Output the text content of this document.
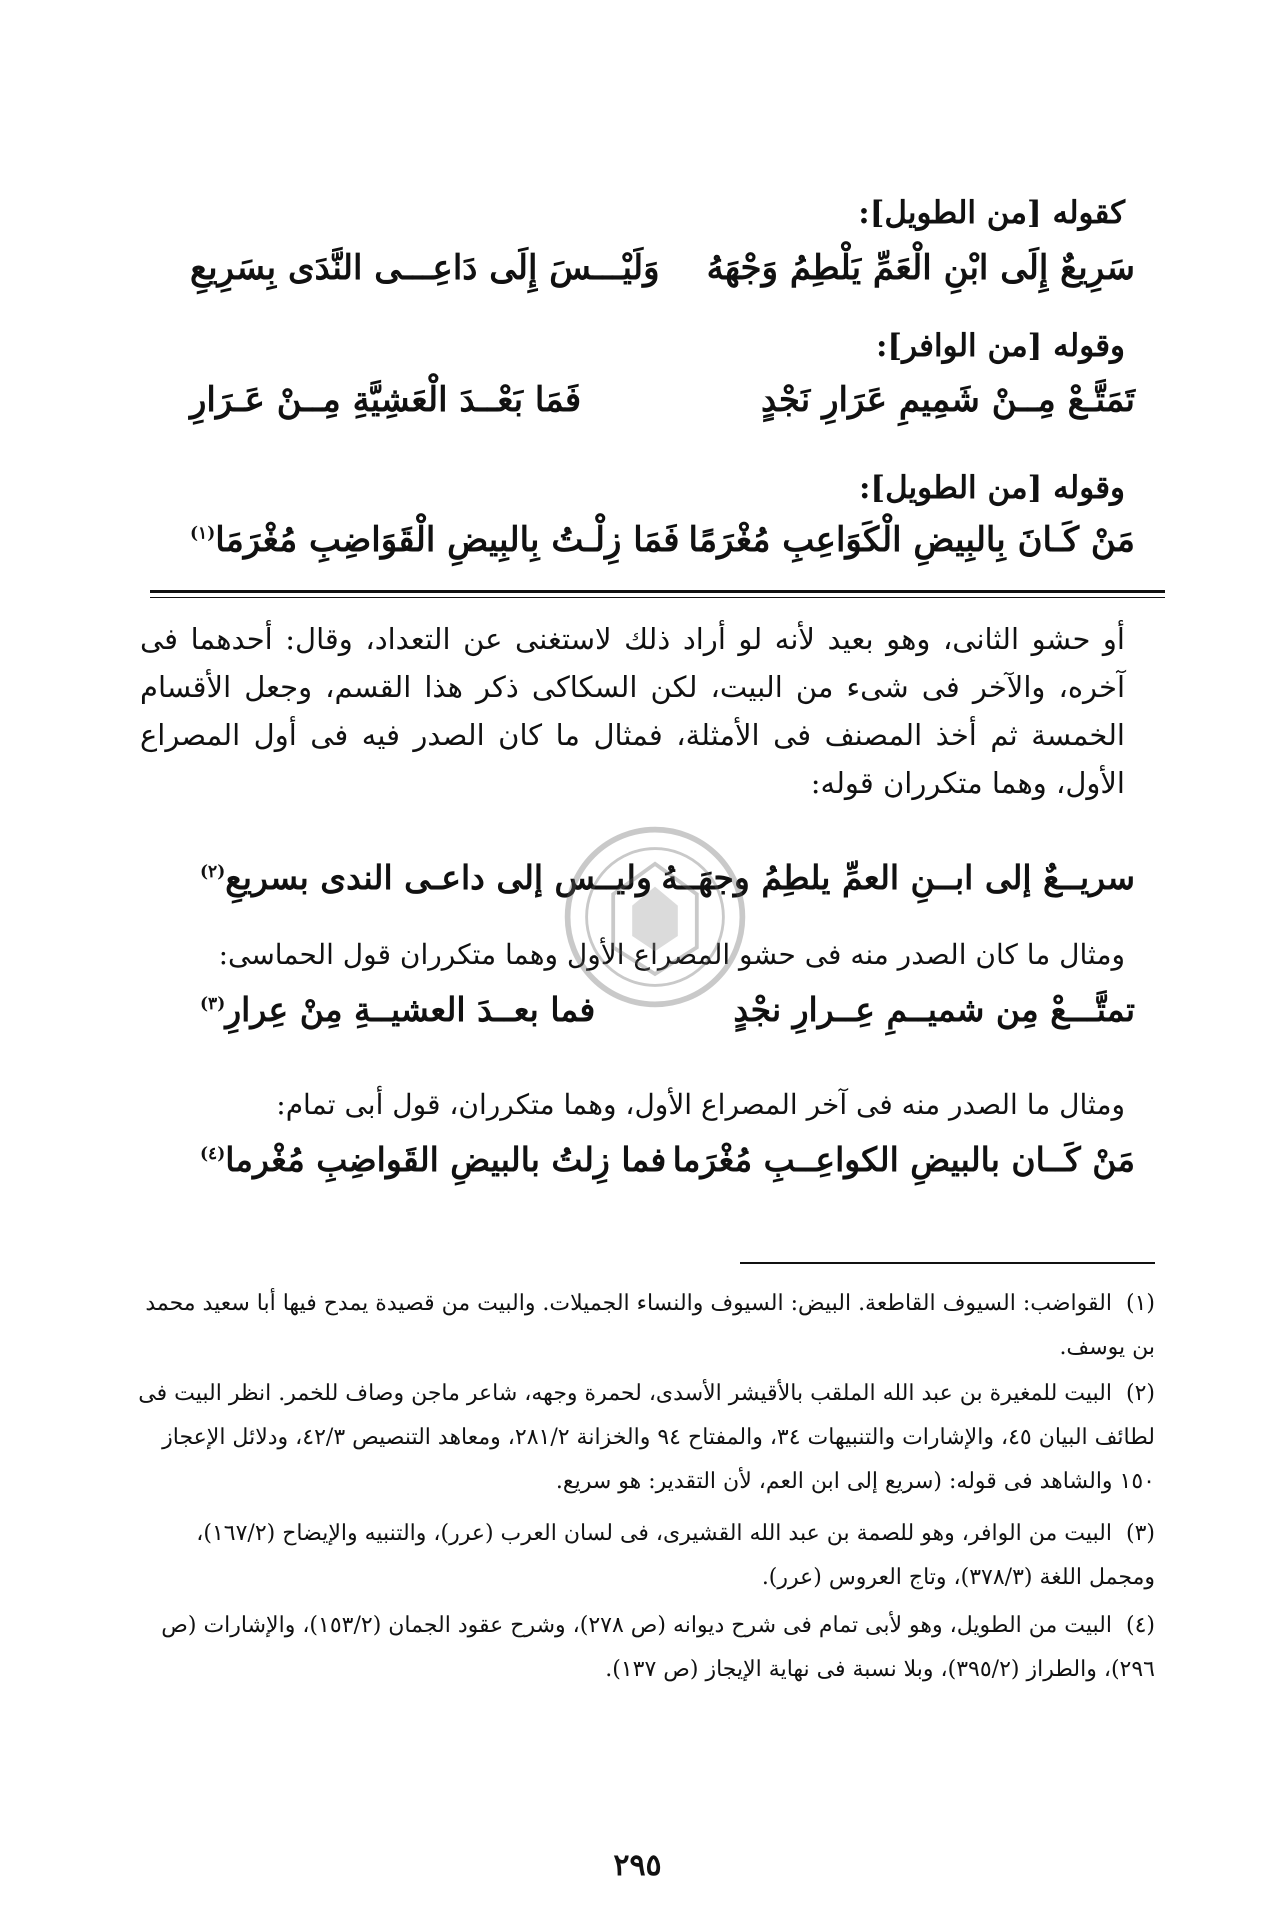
كقوله [من الطويل]:
سَرِيعٌ إِلَى ابْنِ الْعَمِّ يَلْطِمُ وَجْهَهُ
وَلَيْـــسَ إِلَى دَاعِـــى النَّدَى بِسَرِيعِ
وقوله [من الوافر]:
تَمَتَّـعْ مِــنْ شَمِيمِ عَرَارِ نَجْدٍ
فَمَا بَعْــدَ الْعَشِيَّةِ مِــنْ عَـرَارِ
وقوله [من الطويل]:
مَنْ كَـانَ بِالبِيضِ الْكَوَاعِبِ مُغْرَمًا
فَمَا زِلْـتُ بِالبِيضِ الْقَوَاضِبِ مُغْرَمَا$^{(١)}$
أو حشو الثانى، وهو بعيد لأنه لو أراد ذلك لاستغنى عن التعداد، وقال: أحدهما فى آخره، والآخر فى شىء من البيت، لكن السكاكى ذكر هذا القسم، وجعل الأقسام الخمسة ثم أخذ المصنف فى الأمثلة، فمثال ما كان الصدر فيه فى أول المصراع الأول، وهما متكرران قوله:
سريــعٌ إلى ابــنِ العمِّ يلطِمُ وجهَــهُ
وليــس إلى داعـى الندى بسريعِ$^{(٢)}$
ومثال ما كان الصدر منه فى حشو المصراع الأول وهما متكرران قول الحماسى:
تمتَّـــعْ مِن شميــمِ عِــرارِ نجْدٍ
فما بعــدَ العشيــةِ مِنْ عِرارِ$^{(٣)}$
ومثال ما الصدر منه فى آخر المصراع الأول، وهما متكرران، قول أبى تمام:
مَنْ كَــان بالبيضِ الكواعِــبِ مُغْرَما
فما زِلتُ بالبيضِ القَواضِبِ مُغْرما$^{(٤)}$
(١)
القواضب: السيوف القاطعة. البيض: السيوف والنساء الجميلات. والبيت من قصيدة يمدح فيها أبا سعيد محمد بن يوسف.
(٢)
البيت للمغيرة بن عبد الله الملقب بالأقيشر الأسدى، لحمرة وجهه، شاعر ماجن وصاف للخمر. انظر البيت فى لطائف البيان ٤٥، والإشارات والتنبيهات ٣٤، والمفتاح ٩٤ والخزانة ٢٨١/٢، ومعاهد التنصيص ٤٢/٣، ودلائل الإعجاز ١٥٠ والشاهد فى قوله: (سريع إلى ابن العم، لأن التقدير: هو سريع.
(٣)
البيت من الوافر، وهو للصمة بن عبد الله القشيرى، فى لسان العرب (عرر)، والتنبيه والإيضاح (١٦٧/٢)، ومجمل اللغة (٣٧٨/٣)، وتاج العروس (عرر).
(٤)
البيت من الطويل، وهو لأبى تمام فى شرح ديوانه (ص ٢٧٨)، وشرح عقود الجمان (١٥٣/٢)، والإشارات (ص ٢٩٦)، والطراز (٣٩٥/٢)، وبلا نسبة فى نهاية الإيجاز (ص ١٣٧).
٢٩٥
